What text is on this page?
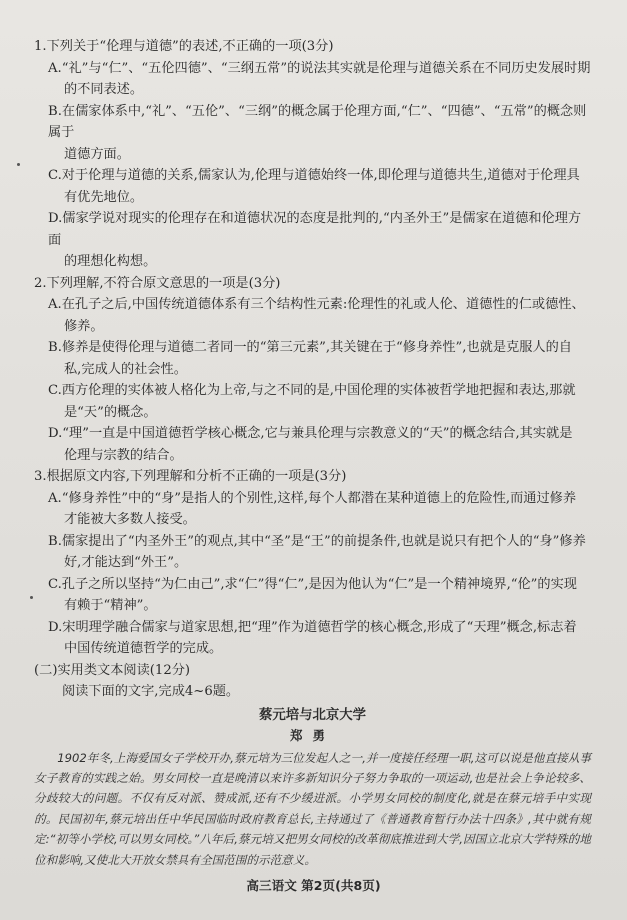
1.下列关于“伦理与道德”的表述,不正确的一项(3分)

A.“礼”与“仁”、“五伦四德”、“三纲五常”的说法其实就是伦理与道德关系在不同历史发展时期
的不同表述。
B.在儒家体系中,“礼”、“五伦”、“三纲”的概念属于伦理方面,“仁”、“四德”、“五常”的概念则属于
道德方面。
C.对于伦理与道德的关系,儒家认为,伦理与道德始终一体,即伦理与道德共生,道德对于伦理具
有优先地位。
D.儒家学说对现实的伦理存在和道德状况的态度是批判的,“内圣外王”是儒家在道德和伦理方面
的理想化构想。

2.下列理解,不符合原文意思的一项是(3分)

A.在孔子之后,中国传统道德体系有三个结构性元素:伦理性的礼或人伦、道德性的仁或德性、
修养。
B.修养是使得伦理与道德二者同一的“第三元素”,其关键在于“修身养性”,也就是克服人的自
私,完成人的社会性。
C.西方伦理的实体被人格化为上帝,与之不同的是,中国伦理的实体被哲学地把握和表达,那就
是“天”的概念。
D.“理”一直是中国道德哲学核心概念,它与兼具伦理与宗教意义的“天”的概念结合,其实就是
伦理与宗教的结合。

3.根据原文内容,下列理解和分析不正确的一项是(3分)

A.“修身养性”中的“身”是指人的个别性,这样,每个人都潜在某种道德上的危险性,而通过修养
才能被大多数人接受。
B.儒家提出了“内圣外王”的观点,其中“圣”是“王”的前提条件,也就是说只有把个人的“身”修养
好,才能达到“外王”。
C.孔子之所以坚持“为仁由己”,求“仁”得“仁”,是因为他认为“仁”是一个精神境界,“伦”的实现
有赖于“精神”。
D.宋明理学融合儒家与道家思想,把“理”作为道德哲学的核心概念,形成了“天理”概念,标志着
中国传统道德哲学的完成。

(二)实用类文本阅读(12分)

阅读下面的文字,完成4~6题。

蔡元培与北京大学

郑勇

1902年冬,上海爱国女子学校开办,蔡元培为三位发起人之一,并一度接任经理一职,这可以说是他直接从事女子教育的实践之始。男女同校一直是晚清以来许多新知识分子努力争取的一项运动,也是社会上争论较多、分歧较大的问题。不仅有反对派、赞成派,还有不少缓进派。小学男女同校的制度化,就是在蔡元培手中实现的。民国初年,蔡元培出任中华民国临时政府教育总长,主持通过了《普通教育暂行办法十四条》,其中就有规定:“初等小学校,可以男女同校。”八年后,蔡元培又把男女同校的改革彻底推进到大学,因国立北京大学特殊的地位和影响,又使北大开放女禁具有全国范围的示范意义。

高三语文 第2页(共8页)
